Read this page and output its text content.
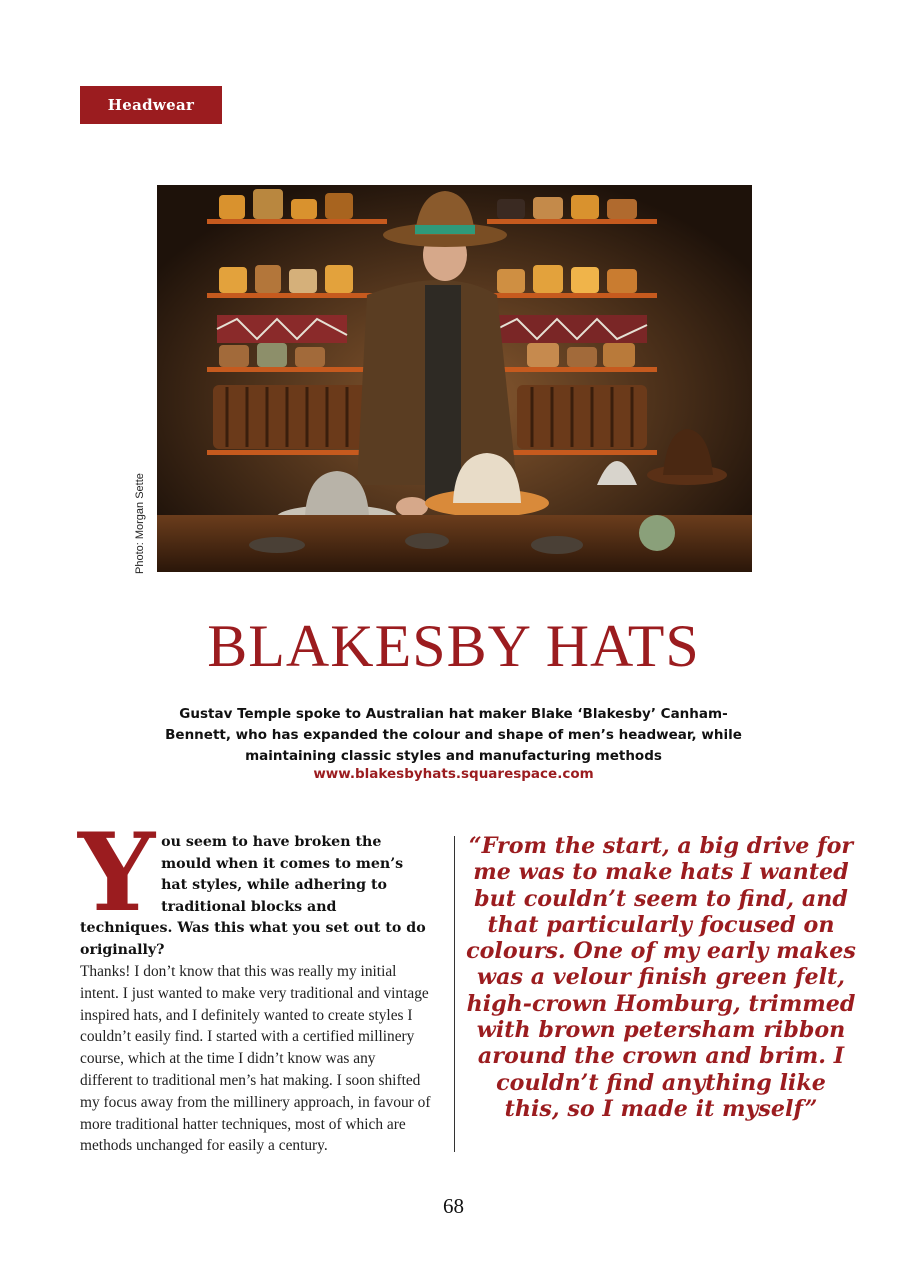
Headwear
Photo: Morgan Sette
BLAKESBY HATS

Gustav Temple spoke to Australian hat maker Blake ‘Blakesby’ Canham-Bennett, who has expanded the colour and shape of men’s headwear, while maintaining classic styles and manufacturing methods

www.blakesbyhats.squarespace.com
Y ou seem to have broken the mould when it comes to men’s hat styles, while adhering to traditional blocks and techniques. Was this what you set out to do originally?

Thanks! I don’t know that this was really my initial intent. I just wanted to make very traditional and vintage inspired hats, and I definitely wanted to create styles I couldn’t easily find. I started with a certified millinery course, which at the time I didn’t know was any different to traditional men’s hat making. I soon shifted my focus away from the millinery approach, in favour of more traditional hatter techniques, most of which are methods unchanged for easily a century.

“From the start, a big drive for me was to make hats I wanted but couldn’t seem to find, and that particularly focused on colours. One of my early makes was a velour finish green felt, high-crown Homburg, trimmed with brown petersham ribbon around the crown and brim. I couldn’t find anything like this, so I made it myself”

68
